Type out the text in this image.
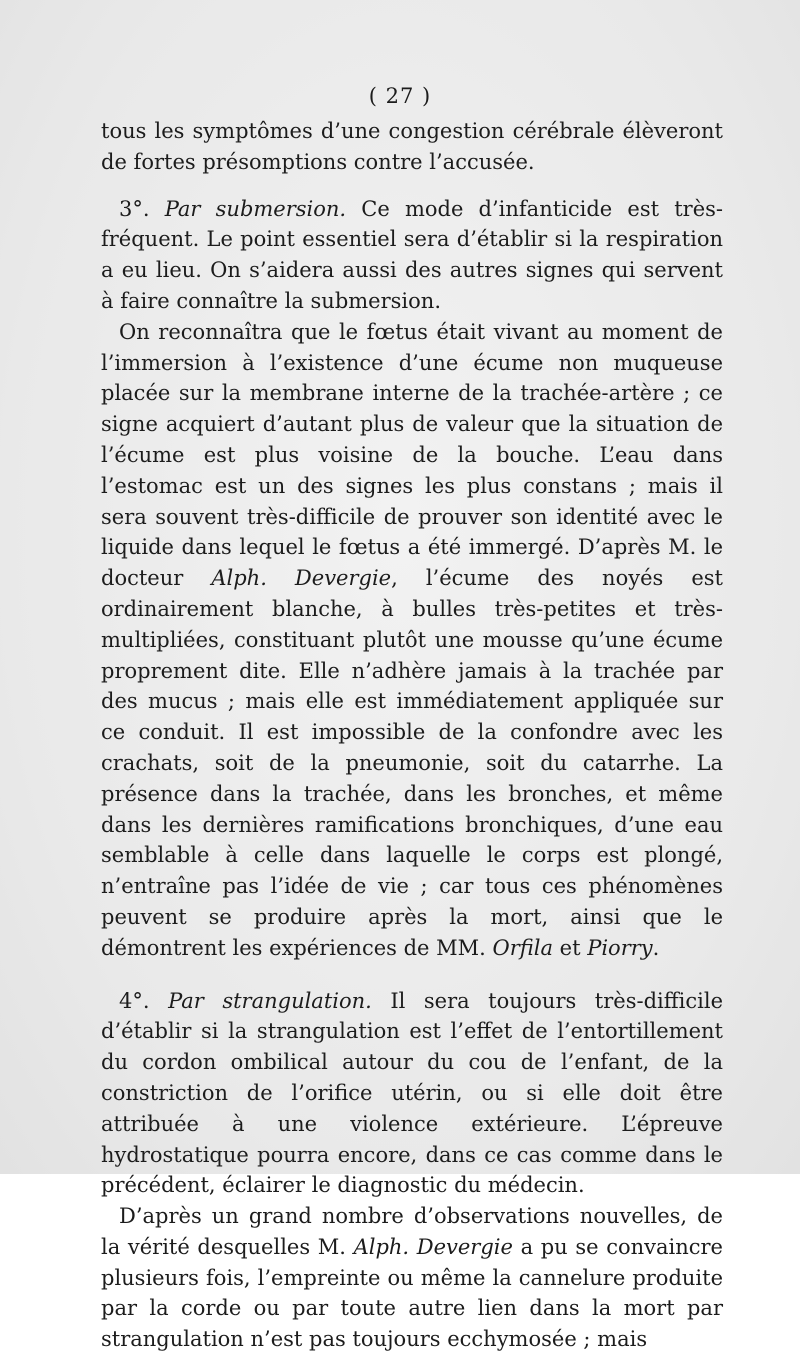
( 27 )

tous les symptômes d’une congestion cérébrale élèveront de fortes présomptions contre l’accusée.

3°. Par submersion. Ce mode d’infanticide est très-fréquent. Le point essentiel sera d’établir si la respiration a eu lieu. On s’aidera aussi des autres signes qui servent à faire connaître la submersion.

On reconnaîtra que le fœtus était vivant au moment de l’immersion à l’existence d’une écume non muqueuse placée sur la membrane interne de la trachée-artère ; ce signe acquiert d’autant plus de valeur que la situation de l’écume est plus voisine de la bouche. L’eau dans l’estomac est un des signes les plus constans ; mais il sera souvent très-difficile de prouver son identité avec le liquide dans lequel le fœtus a été immergé. D’après M. le docteur Alph. Devergie, l’écume des noyés est ordinairement blanche, à bulles très-petites et très-multipliées, constituant plutôt une mousse qu’une écume proprement dite. Elle n’adhère jamais à la trachée par des mucus ; mais elle est immédiatement appliquée sur ce conduit. Il est impossible de la confondre avec les crachats, soit de la pneumonie, soit du catarrhe. La présence dans la trachée, dans les bronches, et même dans les dernières ramifications bronchiques, d’une eau semblable à celle dans laquelle le corps est plongé, n’entraîne pas l’idée de vie ; car tous ces phénomènes peuvent se produire après la mort, ainsi que le démontrent les expériences de MM. Orfila et Piorry.

4°. Par strangulation. Il sera toujours très-difficile d’établir si la strangulation est l’effet de l’entortillement du cordon ombilical autour du cou de l’enfant, de la constriction de l’orifice utérin, ou si elle doit être attribuée à une violence extérieure. L’épreuve hydrostatique pourra encore, dans ce cas comme dans le précédent, éclairer le diagnostic du médecin.

D’après un grand nombre d’observations nouvelles, de la vérité desquelles M. Alph. Devergie a pu se convaincre plusieurs fois, l’empreinte ou même la cannelure produite par la corde ou par toute autre lien dans la mort par strangulation n’est pas toujours ecchymosée ; mais
